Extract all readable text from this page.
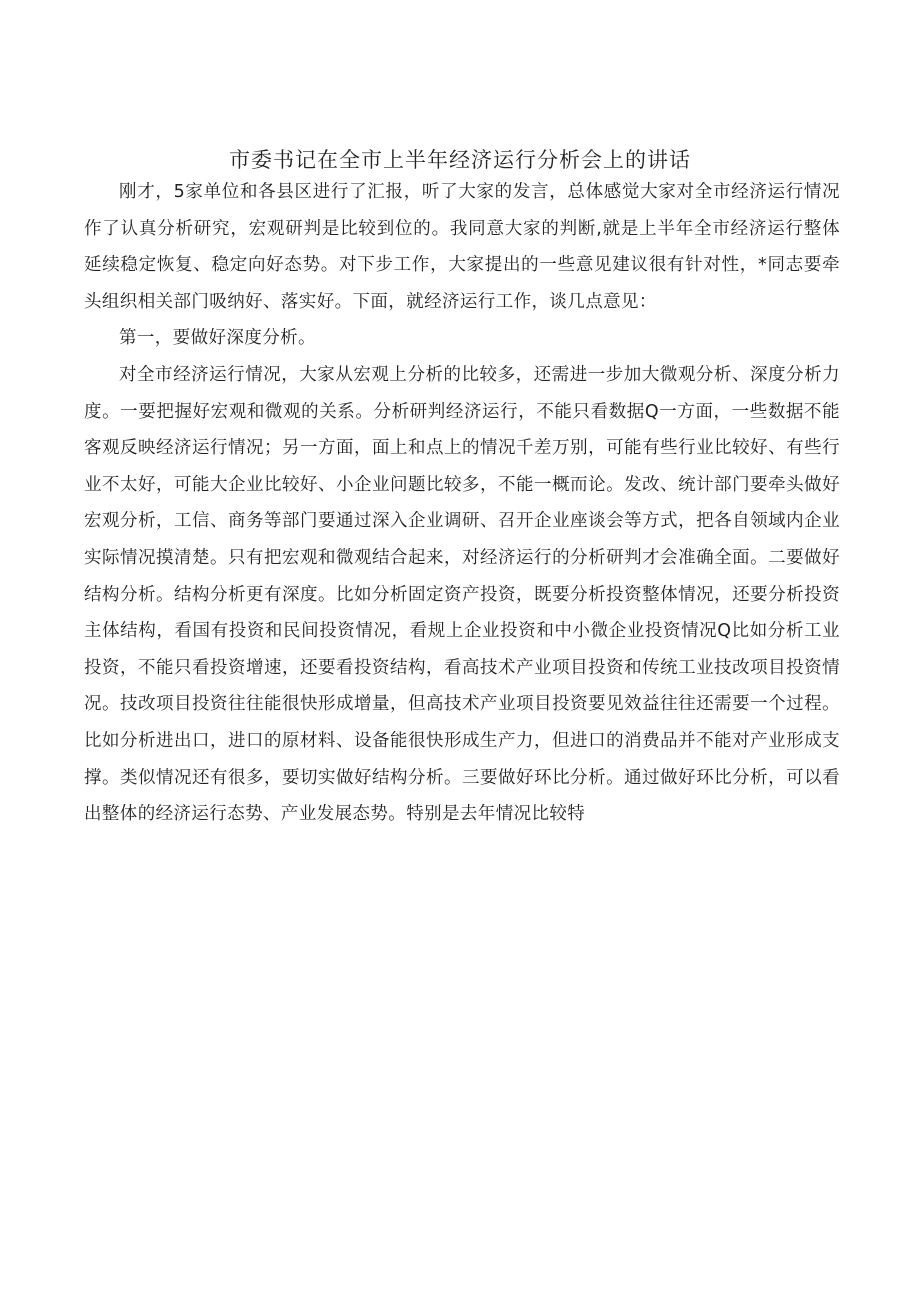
市委书记在全市上半年经济运行分析会上的讲话

刚才，5家单位和各县区进行了汇报，听了大家的发言，总体感觉大家对全市经济运行情况作了认真分析研究，宏观研判是比较到位的。我同意大家的判断,就是上半年全市经济运行整体延续稳定恢复、稳定向好态势。对下步工作，大家提出的一些意见建议很有针对性，*同志要牵头组织相关部门吸纳好、落实好。下面，就经济运行工作，谈几点意见：

第一，要做好深度分析。

对全市经济运行情况，大家从宏观上分析的比较多，还需进一步加大微观分析、深度分析力度。一要把握好宏观和微观的关系。分析研判经济运行，不能只看数据Q一方面，一些数据不能客观反映经济运行情况；另一方面，面上和点上的情况千差万别，可能有些行业比较好、有些行业不太好，可能大企业比较好、小企业问题比较多，不能一概而论。发改、统计部门要牵头做好宏观分析，工信、商务等部门要通过深入企业调研、召开企业座谈会等方式，把各自领域内企业实际情况摸清楚。只有把宏观和微观结合起来，对经济运行的分析研判才会准确全面。二要做好结构分析。结构分析更有深度。比如分析固定资产投资，既要分析投资整体情况，还要分析投资主体结构，看国有投资和民间投资情况，看规上企业投资和中小微企业投资情况Q比如分析工业投资，不能只看投资增速，还要看投资结构，看高技术产业项目投资和传统工业技改项目投资情况。技改项目投资往往能很快形成增量，但高技术产业项目投资要见效益往往还需要一个过程。比如分析进出口，进口的原材料、设备能很快形成生产力，但进口的消费品并不能对产业形成支撑。类似情况还有很多，要切实做好结构分析。三要做好环比分析。通过做好环比分析，可以看出整体的经济运行态势、产业发展态势。特别是去年情况比较特
